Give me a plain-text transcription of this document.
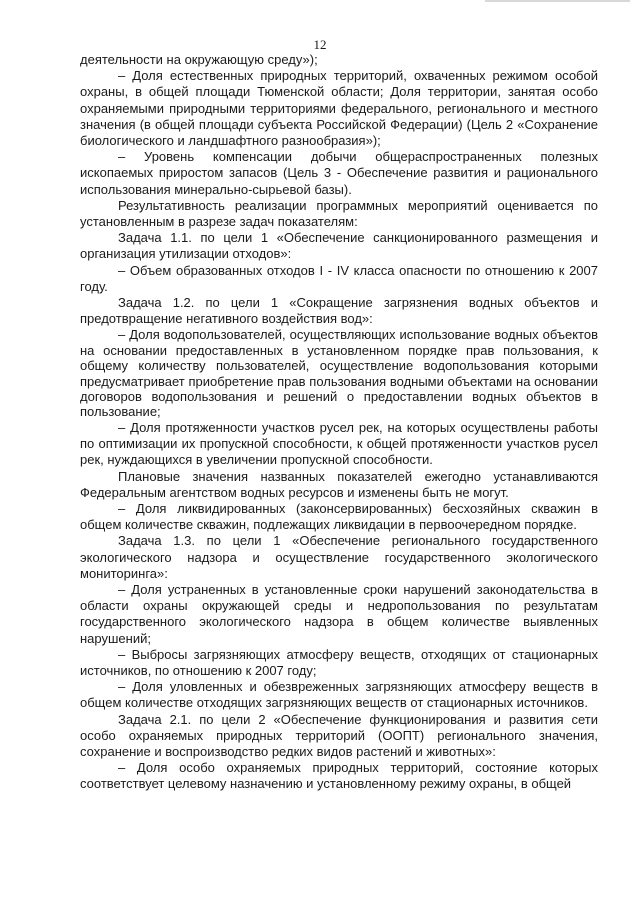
12

деятельности на окружающую среду»);

– Доля естественных природных территорий, охваченных режимом особой охраны, в общей площади Тюменской области; Доля территории, занятая особо охраняемыми природными территориями федерального, регионального и местного значения (в общей площади субъекта Российской Федерации) (Цель 2 «Сохранение биологического и ландшафтного разнообразия»);

– Уровень компенсации добычи общераспространенных полезных ископаемых приростом запасов (Цель 3 - Обеспечение развития и рационального использования минерально-сырьевой базы).

Результативность реализации программных мероприятий оценивается по установленным в разрезе задач показателям:

Задача 1.1. по цели 1 «Обеспечение санкционированного размещения и организация утилизации отходов»:

– Объем образованных отходов I - IV класса опасности по отношению к 2007 году.

Задача 1.2. по цели 1 «Сокращение загрязнения водных объектов и предотвращение негативного воздействия вод»:

– Доля водопользователей, осуществляющих использование водных объектов на основании предоставленных в установленном порядке прав пользования, к общему количеству пользователей, осуществление водопользования которыми предусматривает приобретение прав пользования водными объектами на основании договоров водопользования и решений о предоставлении водных объектов в пользование;

– Доля протяженности участков русел рек, на которых осуществлены работы по оптимизации их пропускной способности, к общей протяженности участков русел рек, нуждающихся в увеличении пропускной способности.

Плановые значения названных показателей ежегодно устанавливаются Федеральным агентством водных ресурсов и изменены быть не могут.

– Доля ликвидированных (законсервированных) бесхозяйных скважин в общем количестве скважин, подлежащих ликвидации в первоочередном порядке.

Задача 1.3. по цели 1 «Обеспечение регионального государственного экологического надзора и осуществление государственного экологического мониторинга»:

– Доля устраненных в установленные сроки нарушений законодательства в области охраны окружающей среды и недропользования по результатам государственного экологического надзора в общем количестве выявленных нарушений;

– Выбросы загрязняющих атмосферу веществ, отходящих от стационарных источников, по отношению к 2007 году;

– Доля уловленных и обезвреженных загрязняющих атмосферу веществ в общем количестве отходящих загрязняющих веществ от стационарных источников.

Задача 2.1. по цели 2 «Обеспечение функционирования и развития сети особо охраняемых природных территорий (ООПТ) регионального значения, сохранение и воспроизводство редких видов растений и животных»:

– Доля особо охраняемых природных территорий, состояние которых соответствует целевому назначению и установленному режиму охраны, в общей
